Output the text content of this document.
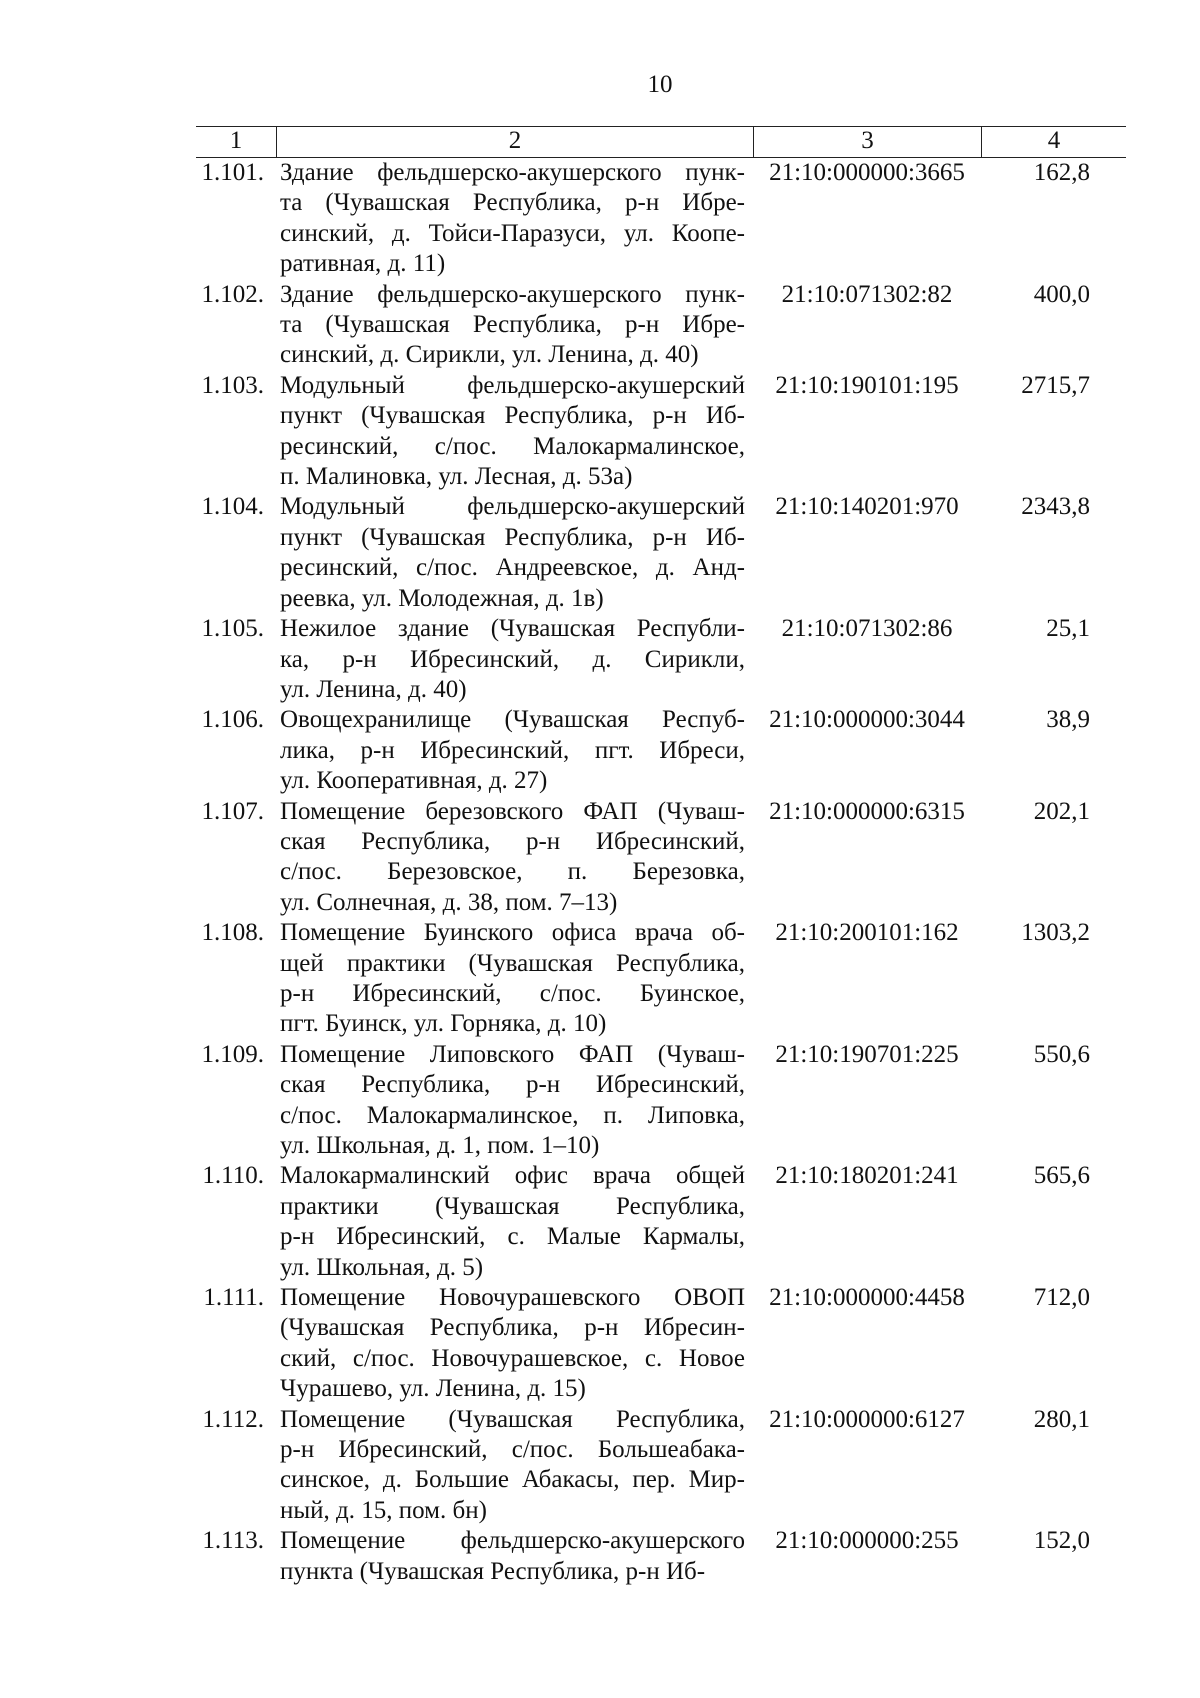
10
1	2	3	4
1.101. Здание фельдшерско-акушерского пунк-
та (Чувашская Республика, р-н Ибре-
синский, д. Тойси-Паразуси, ул. Коопе-
ративная, д. 11)
21:10:000000:3665	162,8
1.102. Здание фельдшерско-акушерского пунк-
та (Чувашская Республика, р-н Ибре-
синский, д. Сирикли, ул. Ленина, д. 40)
21:10:071302:82	400,0
1.103. Модульный фельдшерско-акушерский
пункт (Чувашская Республика, р-н Иб-
ресинский, с/пос. Малокармалинское,
п. Малиновка, ул. Лесная, д. 53а)
21:10:190101:195	2715,7
1.104. Модульный фельдшерско-акушерский
пункт (Чувашская Республика, р-н Иб-
ресинский, с/пос. Андреевское, д. Анд-
реевка, ул. Молодежная, д. 1в)
21:10:140201:970	2343,8
1.105. Нежилое здание (Чувашская Республи-
ка, р-н Ибресинский, д. Сирикли,
ул. Ленина, д. 40)
21:10:071302:86	25,1
1.106. Овощехранилище (Чувашская Респуб-
лика, р-н Ибресинский, пгт. Ибреси,
ул. Кооперативная, д. 27)
21:10:000000:3044	38,9
1.107. Помещение березовского ФАП (Чуваш-
ская Республика, р-н Ибресинский,
с/пос. Березовское, п. Березовка,
ул. Солнечная, д. 38, пом. 7–13)
21:10:000000:6315	202,1
1.108. Помещение Буинского офиса врача об-
щей практики (Чувашская Республика,
р-н Ибресинский, с/пос. Буинское,
пгт. Буинск, ул. Горняка, д. 10)
21:10:200101:162	1303,2
1.109. Помещение Липовского ФАП (Чуваш-
ская Республика, р-н Ибресинский,
с/пос. Малокармалинское, п. Липовка,
ул. Школьная, д. 1, пом. 1–10)
21:10:190701:225	550,6
1.110. Малокармалинский офис врача общей
практики (Чувашская Республика,
р-н Ибресинский, с. Малые Кармалы,
ул. Школьная, д. 5)
21:10:180201:241	565,6
1.111. Помещение Новочурашевского ОВОП
(Чувашская Республика, р-н Ибресин-
ский, с/пос. Новочурашевское, с. Новое
Чурашево, ул. Ленина, д. 15)
21:10:000000:4458	712,0
1.112. Помещение (Чувашская Республика,
р-н Ибресинский, с/пос. Большеабака-
синское, д. Большие Абакасы, пер. Мир-
ный, д. 15, пом. бн)
21:10:000000:6127	280,1
1.113. Помещение фельдшерско-акушерского
пункта (Чувашская Республика, р-н Иб-
21:10:000000:255	152,0
